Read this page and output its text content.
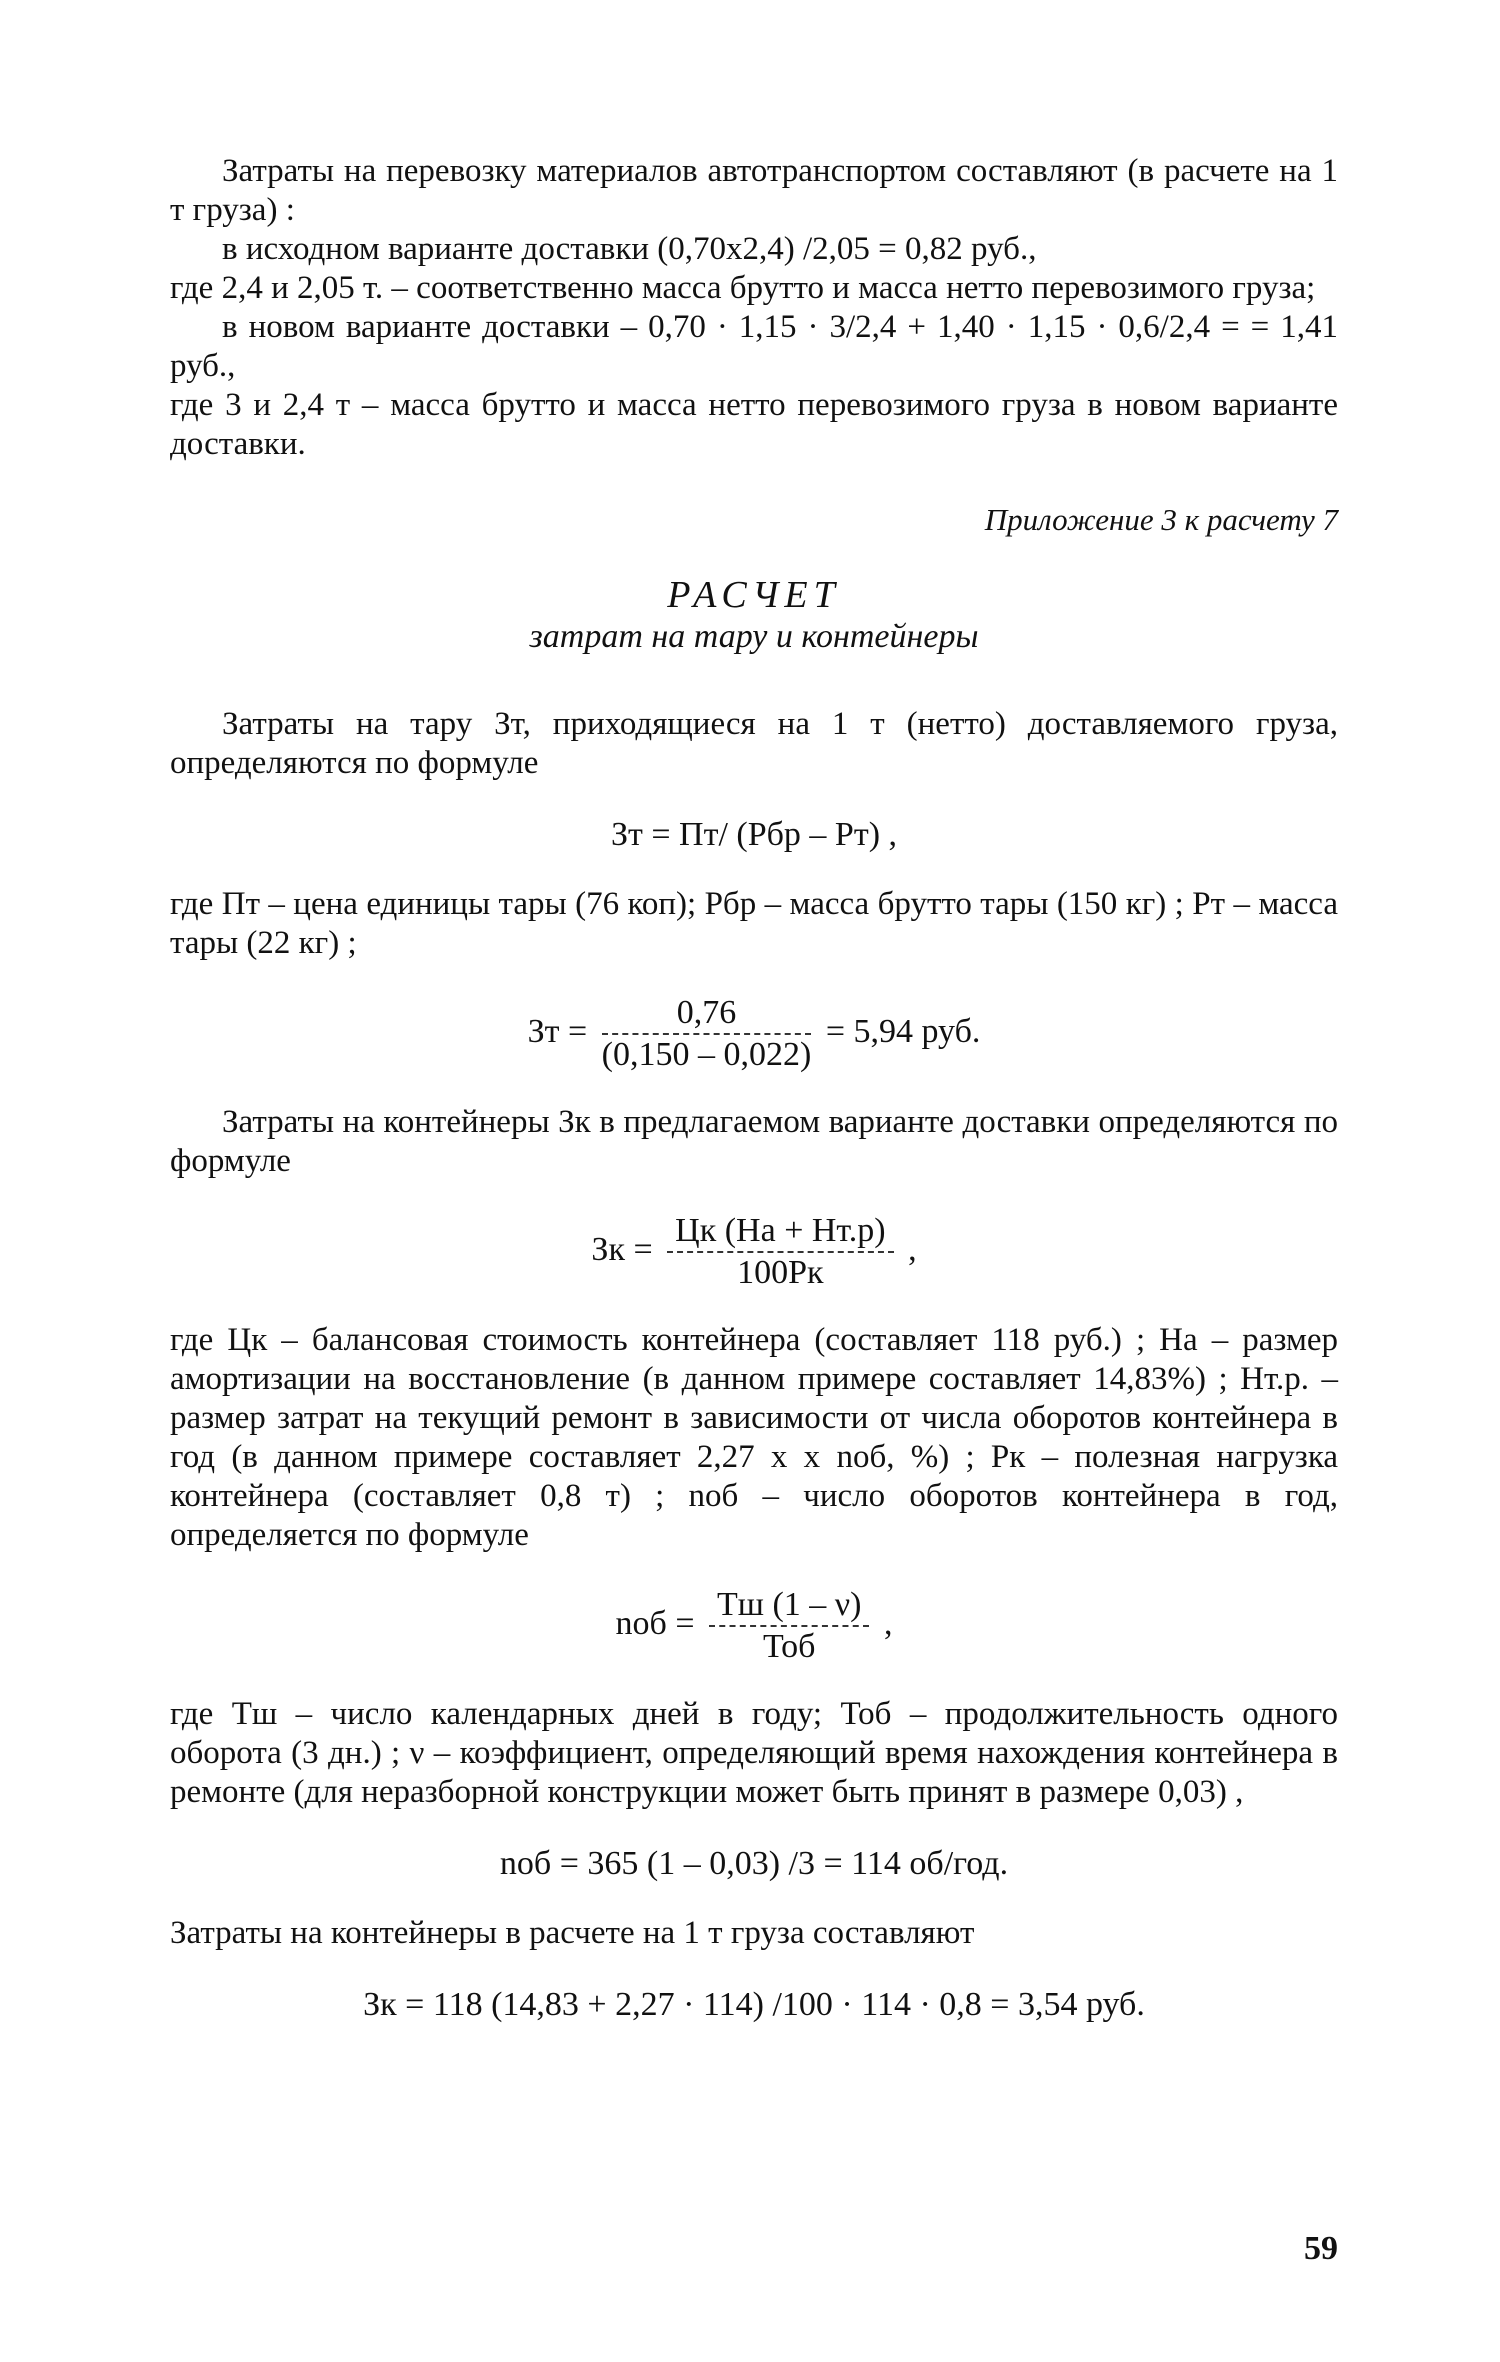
Затраты на перевозку материалов автотранспортом составляют (в расчете на 1 т груза) :

в исходном варианте доставки (0,70х2,4) /2,05 = 0,82 руб.,

где 2,4 и 2,05 т. – соответственно масса брутто и масса нетто перевозимого груза;

в новом варианте доставки – 0,70 · 1,15 · 3/2,4 + 1,40 · 1,15 · 0,6/2,4 = = 1,41 руб.,

где 3 и 2,4 т – масса брутто и масса нетто перевозимого груза в новом варианте доставки.

Приложение 3 к расчету 7

РАСЧЕТ
затрат на тару и контейнеры

Затраты на тару Зт, приходящиеся на 1 т (нетто) доставляемого груза, определяются по формуле

Зт = Пт/ (Рбр – Рт) ,

где Пт – цена единицы тары (76 коп); Рбр – масса брутто тары (150 кг) ; Рт – масса тары (22 кг) ;

Зт = $\frac{0,76}{(0,150 - 0,022)} = 5,94$ руб.

Затраты на контейнеры Зк в предлагаемом варианте доставки определяются по формуле

Зк = $\frac{Цк (На + Нт.р)}{100Рк}$ ,

где Цк – балансовая стоимость контейнера (составляет 118 руб.) ; На – размер амортизации на восстановление (в данном примере составляет 14,83%) ; Нт.р. – размер затрат на текущий ремонт в зависимости от числа оборотов контейнера в год (в данном примере составляет 2,27 х х nоб, %) ; Рк – полезная нагрузка контейнера (составляет 0,8 т) ; nоб – число оборотов контейнера в год, определяется по формуле

nоб = $\frac{Тш (1 - \nu)}{\text{Тоб}}$ ,

где Тш – число календарных дней в году; Тоб – продолжительность одного оборота (3 дн.) ; ν – коэффициент, определяющий время нахождения контейнера в ремонте (для неразборной конструкции может быть принят в размере 0,03) ,

nоб = 365 (1 – 0,03) /3 = 114 об/год.

Затраты на контейнеры в расчете на 1 т груза составляют

Зк = 118 (14,83 + 2,27 · 114) /100 · 114 · 0,8 = 3,54 руб.
59
